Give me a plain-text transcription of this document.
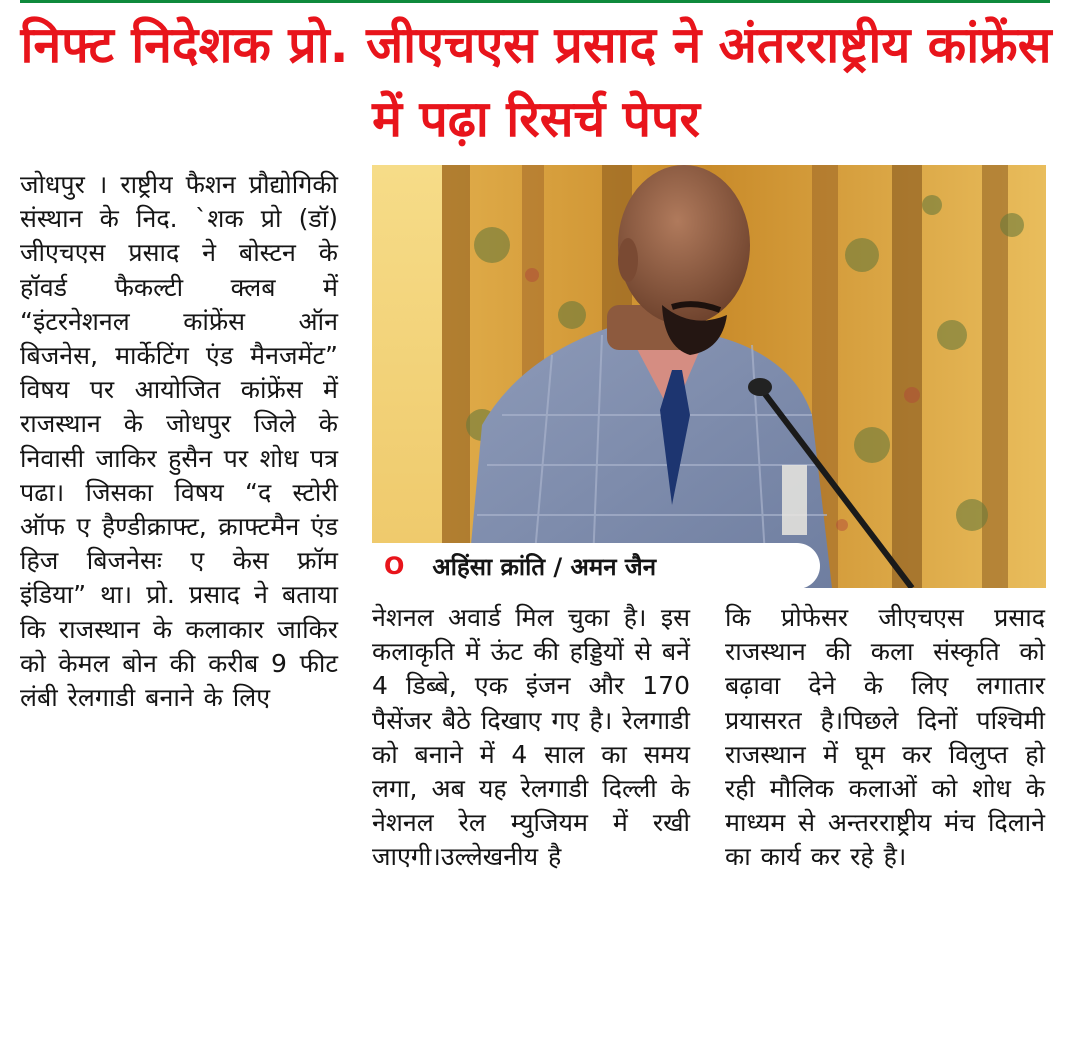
निफ्ट निदेशक प्रो. जीएचएस प्रसाद ने अंतरराष्ट्रीय कांफ्रेंस में पढ़ा रिसर्च पेपर

जोधपुर । राष्ट्रीय फैशन प्रौद्योगिकी संस्थान के निद. `शक प्रो (डॉ) जीएचएस प्रसाद ने बोस्टन के हॉवर्ड फैकल्टी क्लब में “इंटरनेशनल कांफ्रेंस ऑन बिजनेस, मार्केटिंग एंड मैनजमेंट” विषय पर आयोजित कांफ्रेंस में राजस्थान के जोधपुर जिले के निवासी जाकिर हुसैन पर शोध पत्र पढा। जिसका विषय “द स्टोरी ऑफ ए हैण्डीक्राफ्ट, क्राफ्टमैन एंड हिज बिजनेसः ए केस फ्रॉम इंडिया” था। प्रो. प्रसाद ने बताया कि राजस्थान के कलाकार जाकिर को केमल बोन की करीब 9 फीट लंबी रेलगाडी बनाने के लिए

O अहिंसा क्रांति / अमन जैन

नेशनल अवार्ड मिल चुका है। इस कलाकृति में ऊंट की हड्डियों से बनें 4 डिब्बे, एक इंजन और 170 पैसेंजर बैठे दिखाए गए है। रेलगाडी को बनाने में 4 साल का समय लगा, अब यह रेलगाडी दिल्ली के नेशनल रेल म्युजियम में रखी जाएगी।उल्लेखनीय है

कि प्रोफेसर जीएचएस प्रसाद राजस्थान की कला संस्कृति को बढ़ावा देने के लिए लगातार प्रयासरत है।पिछले दिनों पश्चिमी राजस्थान में घूम कर विलुप्त हो रही मौलिक कलाओं को शोध के माध्यम से अन्तरराष्ट्रीय मंच दिलाने का कार्य कर रहे है।
